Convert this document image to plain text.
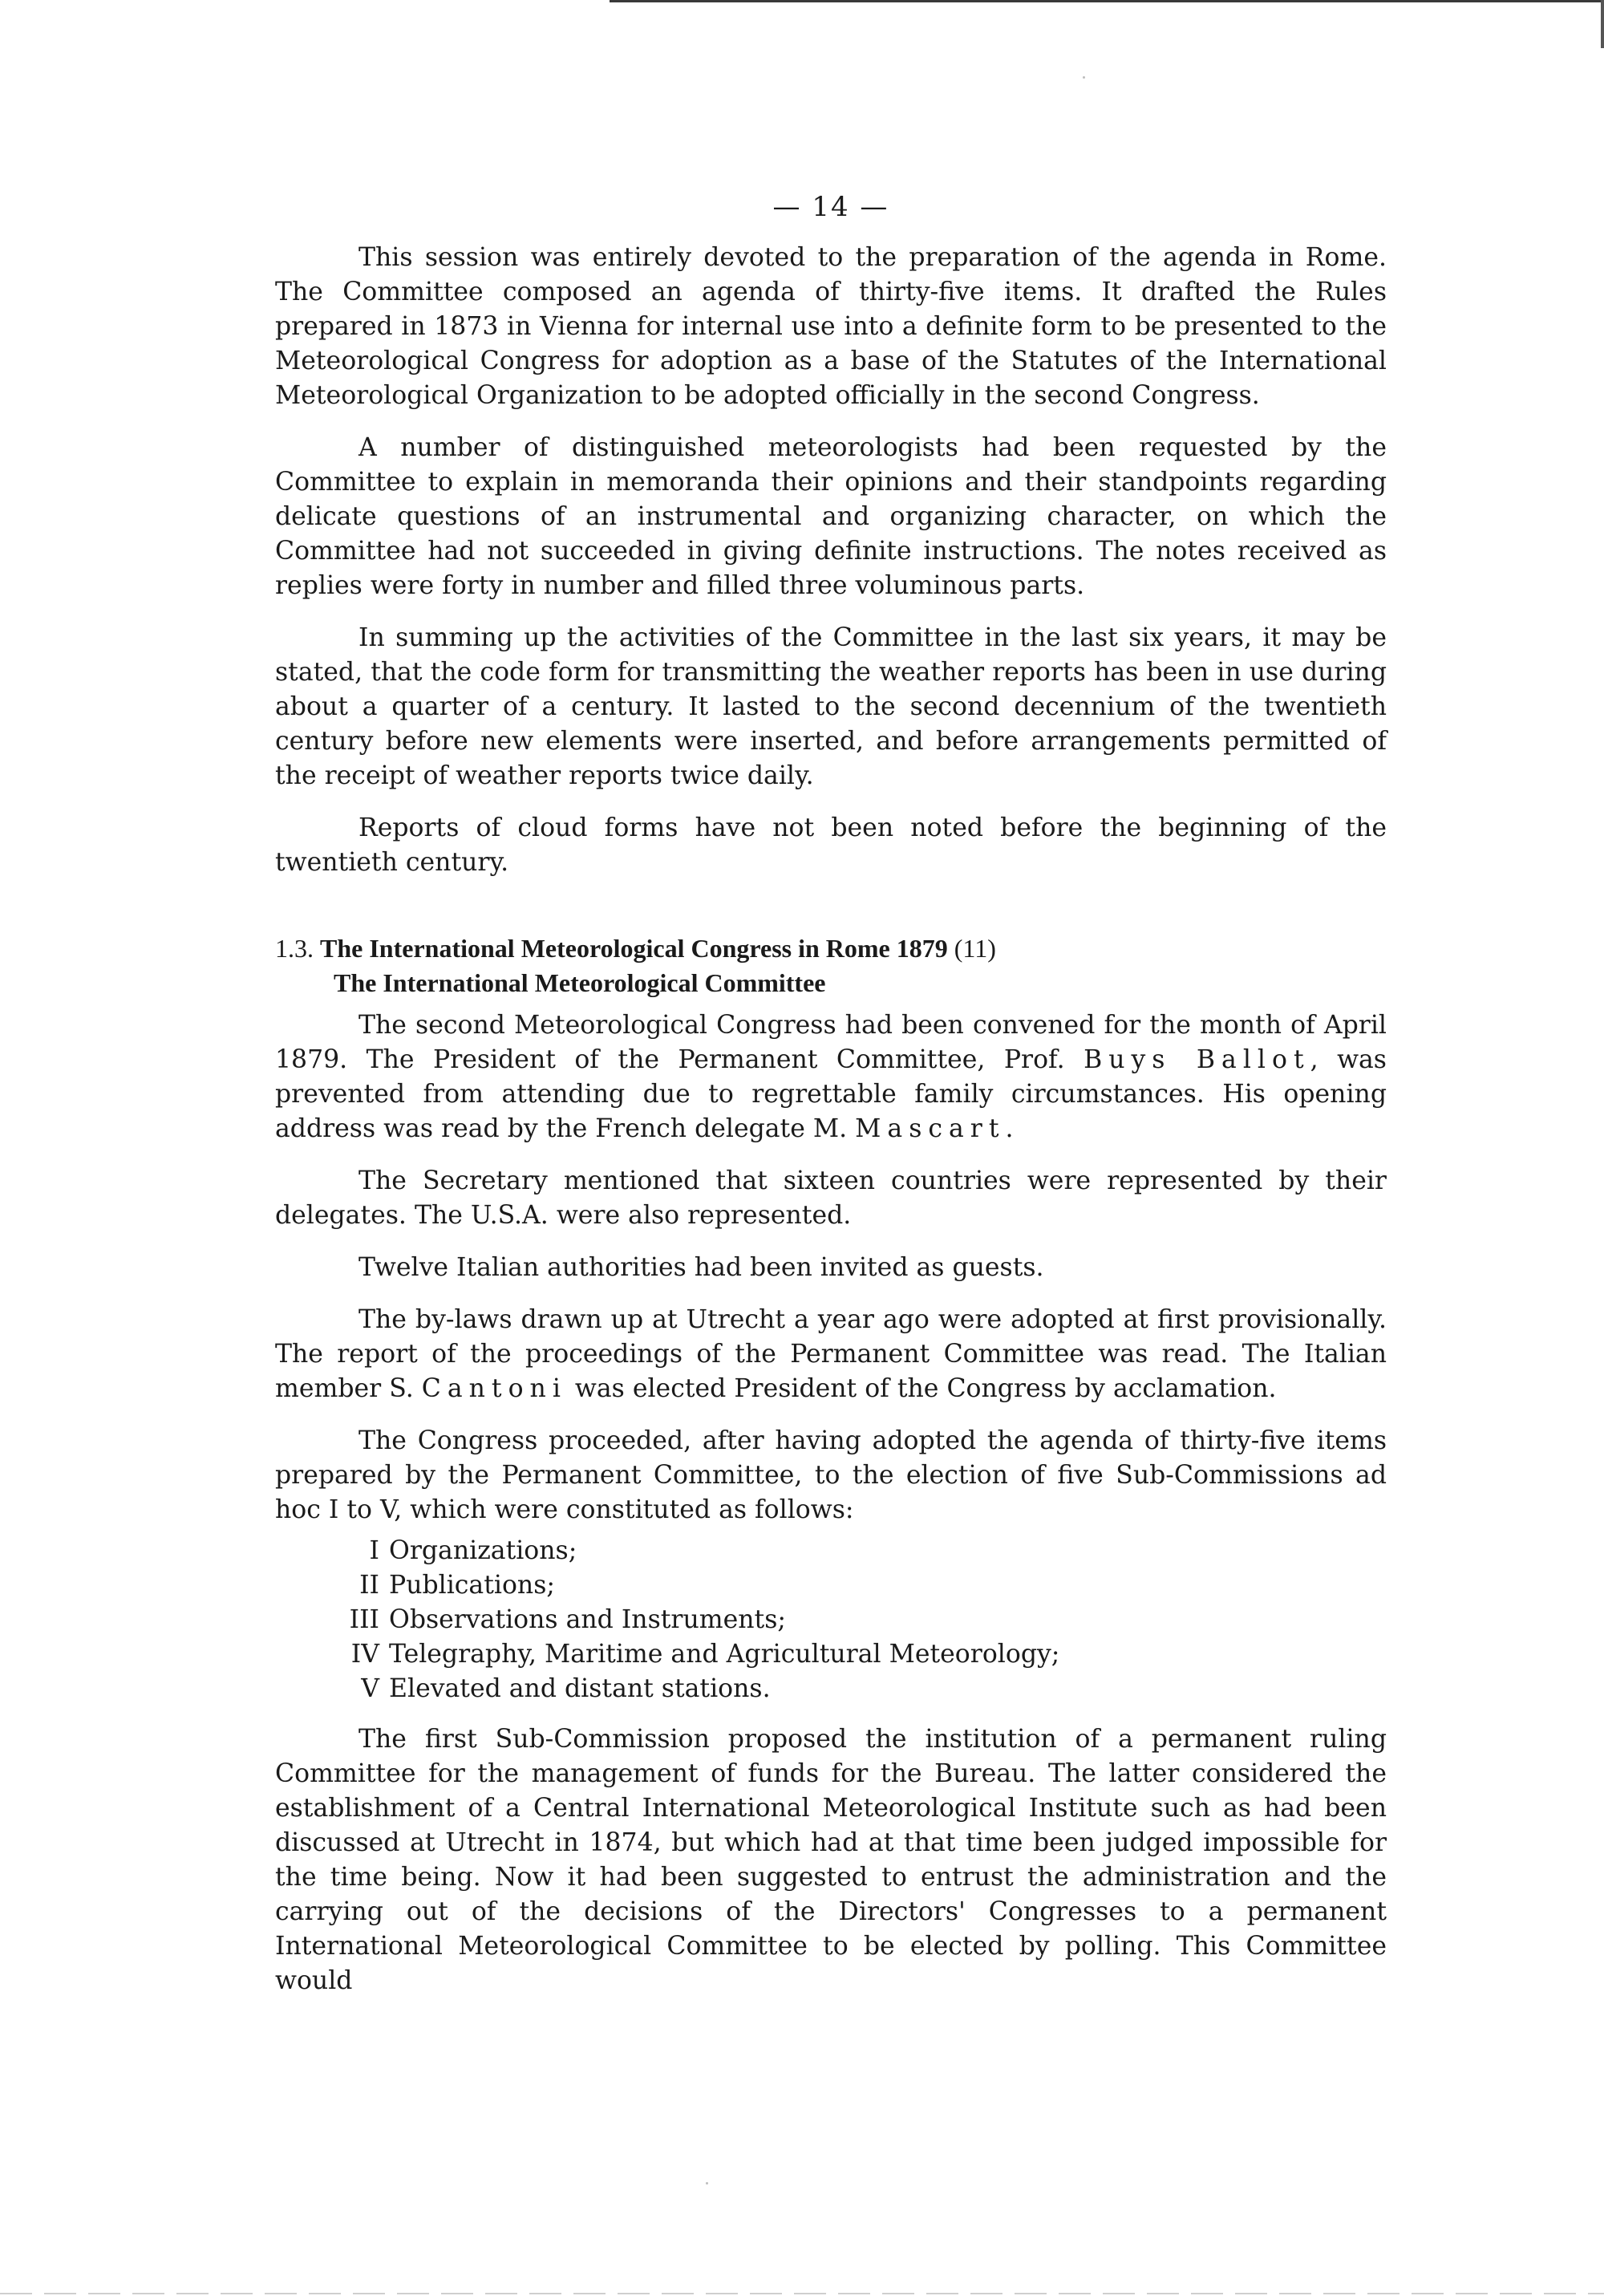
— 14 —

This session was entirely devoted to the preparation of the agenda in Rome. The Committee composed an agenda of thirty-five items. It drafted the Rules prepared in 1873 in Vienna for internal use into a definite form to be presented to the Meteorological Congress for adoption as a base of the Statutes of the International Meteorological Organization to be adopted officially in the second Congress.

A number of distinguished meteorologists had been requested by the Committee to explain in memoranda their opinions and their standpoints regarding delicate questions of an instrumental and organizing character, on which the Committee had not succeeded in giving definite instructions. The notes received as replies were forty in number and filled three voluminous parts.

In summing up the activities of the Committee in the last six years, it may be stated, that the code form for transmitting the weather reports has been in use during about a quarter of a century. It lasted to the second decennium of the twentieth century before new elements were inserted, and before arrangements permitted of the receipt of weather reports twice daily.

Reports of cloud forms have not been noted before the beginning of the twentieth century.

1.3. The International Meteorological Congress in Rome 1879 (11)
The International Meteorological Committee

The second Meteorological Congress had been convened for the month of April 1879. The President of the Permanent Committee, Prof. Buys Ballot, was prevented from attending due to regrettable family circumstances. His opening address was read by the French delegate M. Mascart.

The Secretary mentioned that sixteen countries were represented by their delegates. The U.S.A. were also represented.

Twelve Italian authorities had been invited as guests.

The by-laws drawn up at Utrecht a year ago were adopted at first provisionally. The report of the proceedings of the Permanent Committee was read. The Italian member S. Cantoni was elected President of the Congress by acclamation.

The Congress proceeded, after having adopted the agenda of thirty-five items prepared by the Permanent Committee, to the election of five Sub-Commissions ad hoc I to V, which were constituted as follows:

I Organizations;
II Publications;
III Observations and Instruments;
IV Telegraphy, Maritime and Agricultural Meteorology;
V Elevated and distant stations.

The first Sub-Commission proposed the institution of a permanent ruling Committee for the management of funds for the Bureau. The latter considered the establishment of a Central International Meteorological Institute such as had been discussed at Utrecht in 1874, but which had at that time been judged impossible for the time being. Now it had been suggested to entrust the administration and the carrying out of the decisions of the Directors' Congresses to a permanent International Meteorological Committee to be elected by polling. This Committee would
